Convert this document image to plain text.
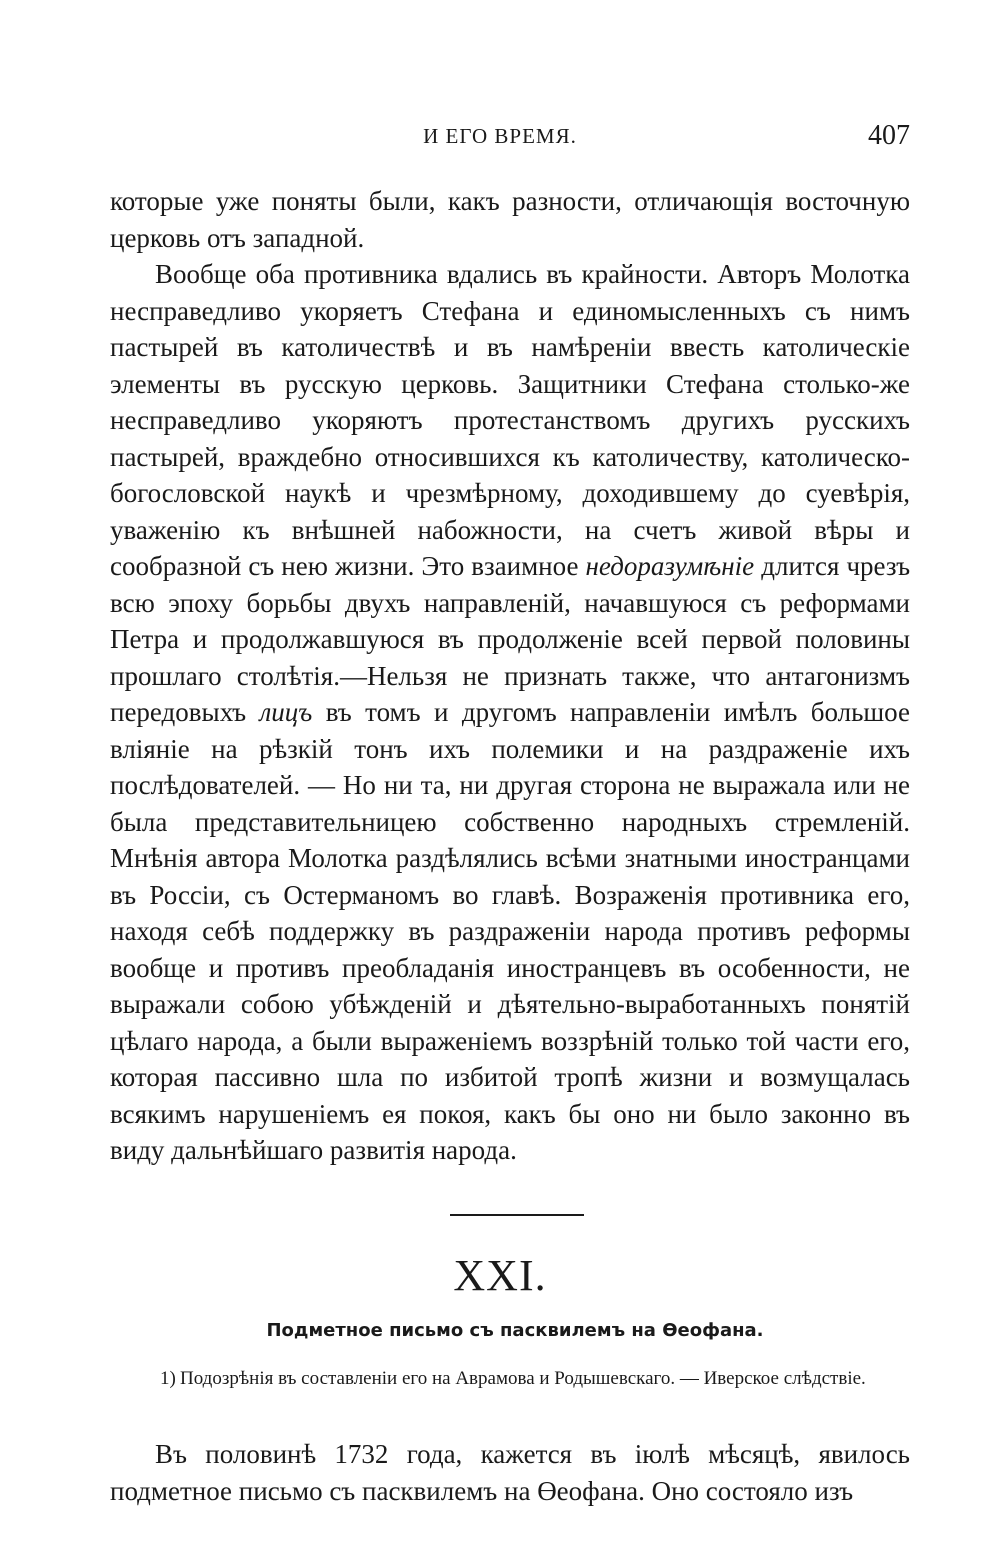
И ЕГО ВРЕМЯ.	407

которые уже поняты были, какъ разности, отличающія восточную церковь отъ западной.

Вообще оба противника вдались въ крайности. Авторъ Молотка несправедливо укоряетъ Стефана и единомысленныхъ съ нимъ пастырей въ католичествѣ и въ намѣреніи ввесть католическіе элементы въ русскую церковь. Защитники Стефана столько-же несправедливо укоряютъ протестанствомъ другихъ русскихъ пастырей, враждебно относившихся къ католичеству, католическо-богословской наукѣ и чрезмѣрному, доходившему до суевѣрія, уваженію къ внѣшней набожности, на счетъ живой вѣры и сообразной съ нею жизни. Это взаимное недоразумѣніе длится чрезъ всю эпоху борьбы двухъ направленій, начавшуюся съ реформами Петра и продолжавшуюся въ продолженіе всей первой половины прошлаго столѣтія.—Нельзя не признать также, что антагонизмъ передовыхъ лицъ въ томъ и другомъ направленіи имѣлъ большое вліяніе на рѣзкій тонъ ихъ полемики и на раздраженіе ихъ послѣдователей. — Но ни та, ни другая сторона не выражала или не была представительницею собственно народныхъ стремленій. Мнѣнія автора Молотка раздѣлялись всѣми знатными иностранцами въ Россіи, съ Остерманомъ во главѣ. Возраженія противника его, находя себѣ поддержку въ раздраженіи народа противъ реформы вообще и противъ преобладанія иностранцевъ въ особенности, не выражали собою убѣжденій и дѣятельно-выработанныхъ понятій цѣлаго народа, а были выраженіемъ воззрѣній только той части его, которая пассивно шла по избитой тропѣ жизни и возмущалась всякимъ нарушеніемъ ея покоя, какъ бы оно ни было законно въ виду дальнѣйшаго развитія народа.

XXI.
Подметное письмо съ пасквилемъ на Өеофана.
1) Подозрѣнія въ составленіи его на Аврамова и Родышевскаго. — Иверское слѣдствіе.

Въ половинѣ 1732 года, кажется въ іюлѣ мѣсяцѣ, явилось подметное письмо съ пасквилемъ на Өеофана. Оно состояло изъ
